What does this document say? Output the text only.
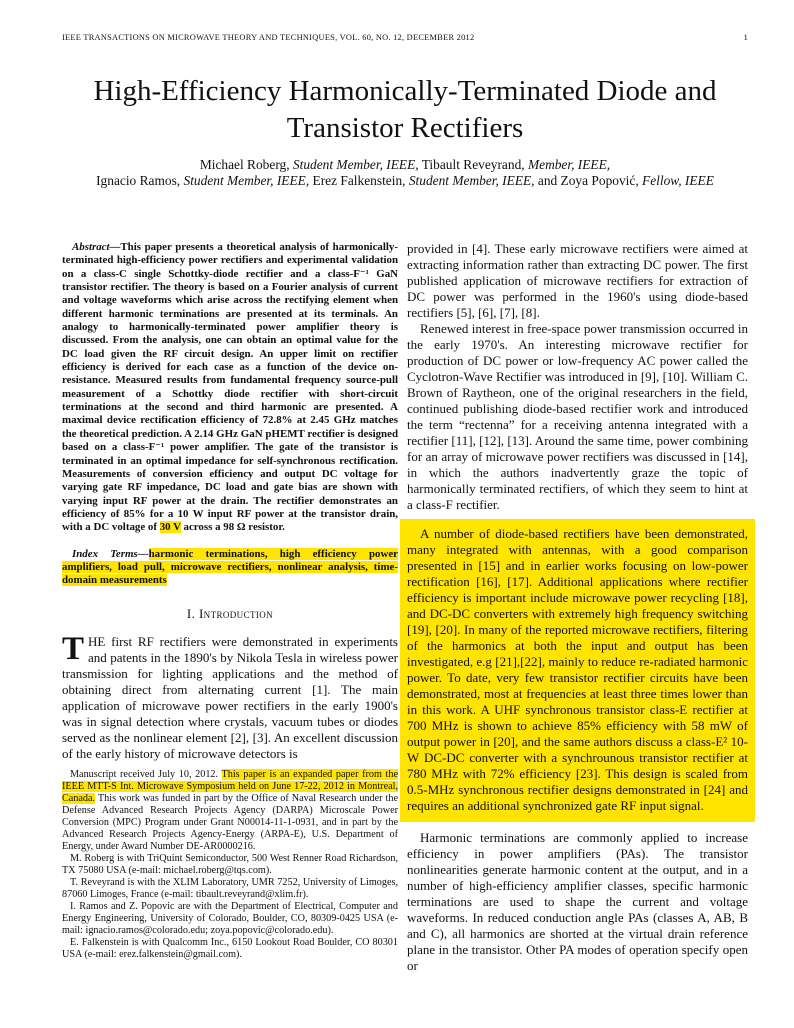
IEEE TRANSACTIONS ON MICROWAVE THEORY AND TECHNIQUES, VOL. 60, NO. 12, DECEMBER 2012	1
High-Efficiency Harmonically-Terminated Diode and Transistor Rectifiers
Michael Roberg, Student Member, IEEE, Tibault Reveyrand, Member, IEEE,
Ignacio Ramos, Student Member, IEEE, Erez Falkenstein, Student Member, IEEE, and Zoya Popović, Fellow, IEEE

Abstract—This paper presents a theoretical analysis of harmonically-terminated high-efficiency power rectifiers and experimental validation on a class-C single Schottky-diode rectifier and a class-F⁻¹ GaN transistor rectifier. The theory is based on a Fourier analysis of current and voltage waveforms which arise across the rectifying element when different harmonic terminations are presented at its terminals. An analogy to harmonically-terminated power amplifier theory is discussed. From the analysis, one can obtain an optimal value for the DC load given the RF circuit design. An upper limit on rectifier efficiency is derived for each case as a function of the device on-resistance. Measured results from fundamental frequency source-pull measurement of a Schottky diode rectifier with short-circuit terminations at the second and third harmonic are presented. A maximal device rectification efficiency of 72.8% at 2.45 GHz matches the theoretical prediction. A 2.14 GHz GaN pHEMT rectifier is designed based on a class-F⁻¹ power amplifier. The gate of the transistor is terminated in an optimal impedance for self-synchronous rectification. Measurements of conversion efficiency and output DC voltage for varying gate RF impedance, DC load and gate bias are shown with varying input RF power at the drain. The rectifier demonstrates an efficiency of 85% for a 10 W input RF power at the transistor drain, with a DC voltage of 30 V across a 98 Ω resistor.

Index Terms—harmonic terminations, high efficiency power amplifiers, load pull, microwave rectifiers, nonlinear analysis, time-domain measurements

I. Introduction

THE first RF rectifiers were demonstrated in experiments and patents in the 1890's by Nikola Tesla in wireless power transmission for lighting applications and the method of obtaining direct from alternating current [1]. The main application of microwave power rectifiers in the early 1900's was in signal detection where crystals, vacuum tubes or diodes served as the nonlinear element [2], [3]. An excellent discussion of the early history of microwave detectors is

Manuscript received July 10, 2012. This paper is an expanded paper from the IEEE MTT-S Int. Microwave Symposium held on June 17-22, 2012 in Montreal, Canada. This work was funded in part by the Office of Naval Research under the Defense Advanced Research Projects Agency (DARPA) Microscale Power Conversion (MPC) Program under Grant N00014-11-1-0931, and in part by the Advanced Research Projects Agency-Energy (ARPA-E), U.S. Department of Energy, under Award Number DE-AR0000216.

M. Roberg is with TriQuint Semiconductor, 500 West Renner Road Richardson, TX 75080 USA (e-mail: michael.roberg@tqs.com).

T. Reveyrand is with the XLIM Laboratory, UMR 7252, University of Limoges, 87060 Limoges, France (e-mail: tibault.reveyrand@xlim.fr).

I. Ramos and Z. Popovic are with the Department of Electrical, Computer and Energy Engineering, University of Colorado, Boulder, CO, 80309-0425 USA (e-mail: ignacio.ramos@colorado.edu; zoya.popovic@colorado.edu).

E. Falkenstein is with Qualcomm Inc., 6150 Lookout Road Boulder, CO 80301 USA (e-mail: erez.falkenstein@gmail.com).

provided in [4]. These early microwave rectifiers were aimed at extracting information rather than extracting DC power. The first published application of microwave rectifiers for extraction of DC power was performed in the 1960's using diode-based rectifiers [5], [6], [7], [8].

Renewed interest in free-space power transmission occurred in the early 1970's. An interesting microwave rectifier for production of DC power or low-frequency AC power called the Cyclotron-Wave Rectifier was introduced in [9], [10]. William C. Brown of Raytheon, one of the original researchers in the field, continued publishing diode-based rectifier work and introduced the term “rectenna” for a receiving antenna integrated with a rectifier [11], [12], [13]. Around the same time, power combining for an array of microwave power rectifiers was discussed in [14], in which the authors inadvertently graze the topic of harmonically terminated rectifiers, of which they seem to hint at a class-F rectifier.

A number of diode-based rectifiers have been demonstrated, many integrated with antennas, with a good comparison presented in [15] and in earlier works focusing on low-power rectification [16], [17]. Additional applications where rectifier efficiency is important include microwave power recycling [18], and DC-DC converters with extremely high frequency switching [19], [20]. In many of the reported microwave rectifiers, filtering of the harmonics at both the input and output has been investigated, e.g [21],[22], mainly to reduce re-radiated harmonic power. To date, very few transistor rectifier circuits have been demonstrated, most at frequencies at least three times lower than in this work. A UHF synchronous transistor class-E rectifier at 700 MHz is shown to achieve 85% efficiency with 58 mW of output power in [20], and the same authors discuss a class-E² 10-W DC-DC converter with a synchrounous transistor rectifier at 780 MHz with 72% efficiency [23]. This design is scaled from 0.5-MHz synchronous rectifier designs demonstrated in [24] and requires an additional synchronized gate RF input signal.

Harmonic terminations are commonly applied to increase efficiency in power amplifiers (PAs). The transistor nonlinearities generate harmonic content at the output, and in a number of high-efficiency amplifier classes, specific harmonic terminations are used to shape the current and voltage waveforms. In reduced conduction angle PAs (classes A, AB, B and C), all harmonics are shorted at the virtual drain reference plane in the transistor. Other PA modes of operation specify open or
